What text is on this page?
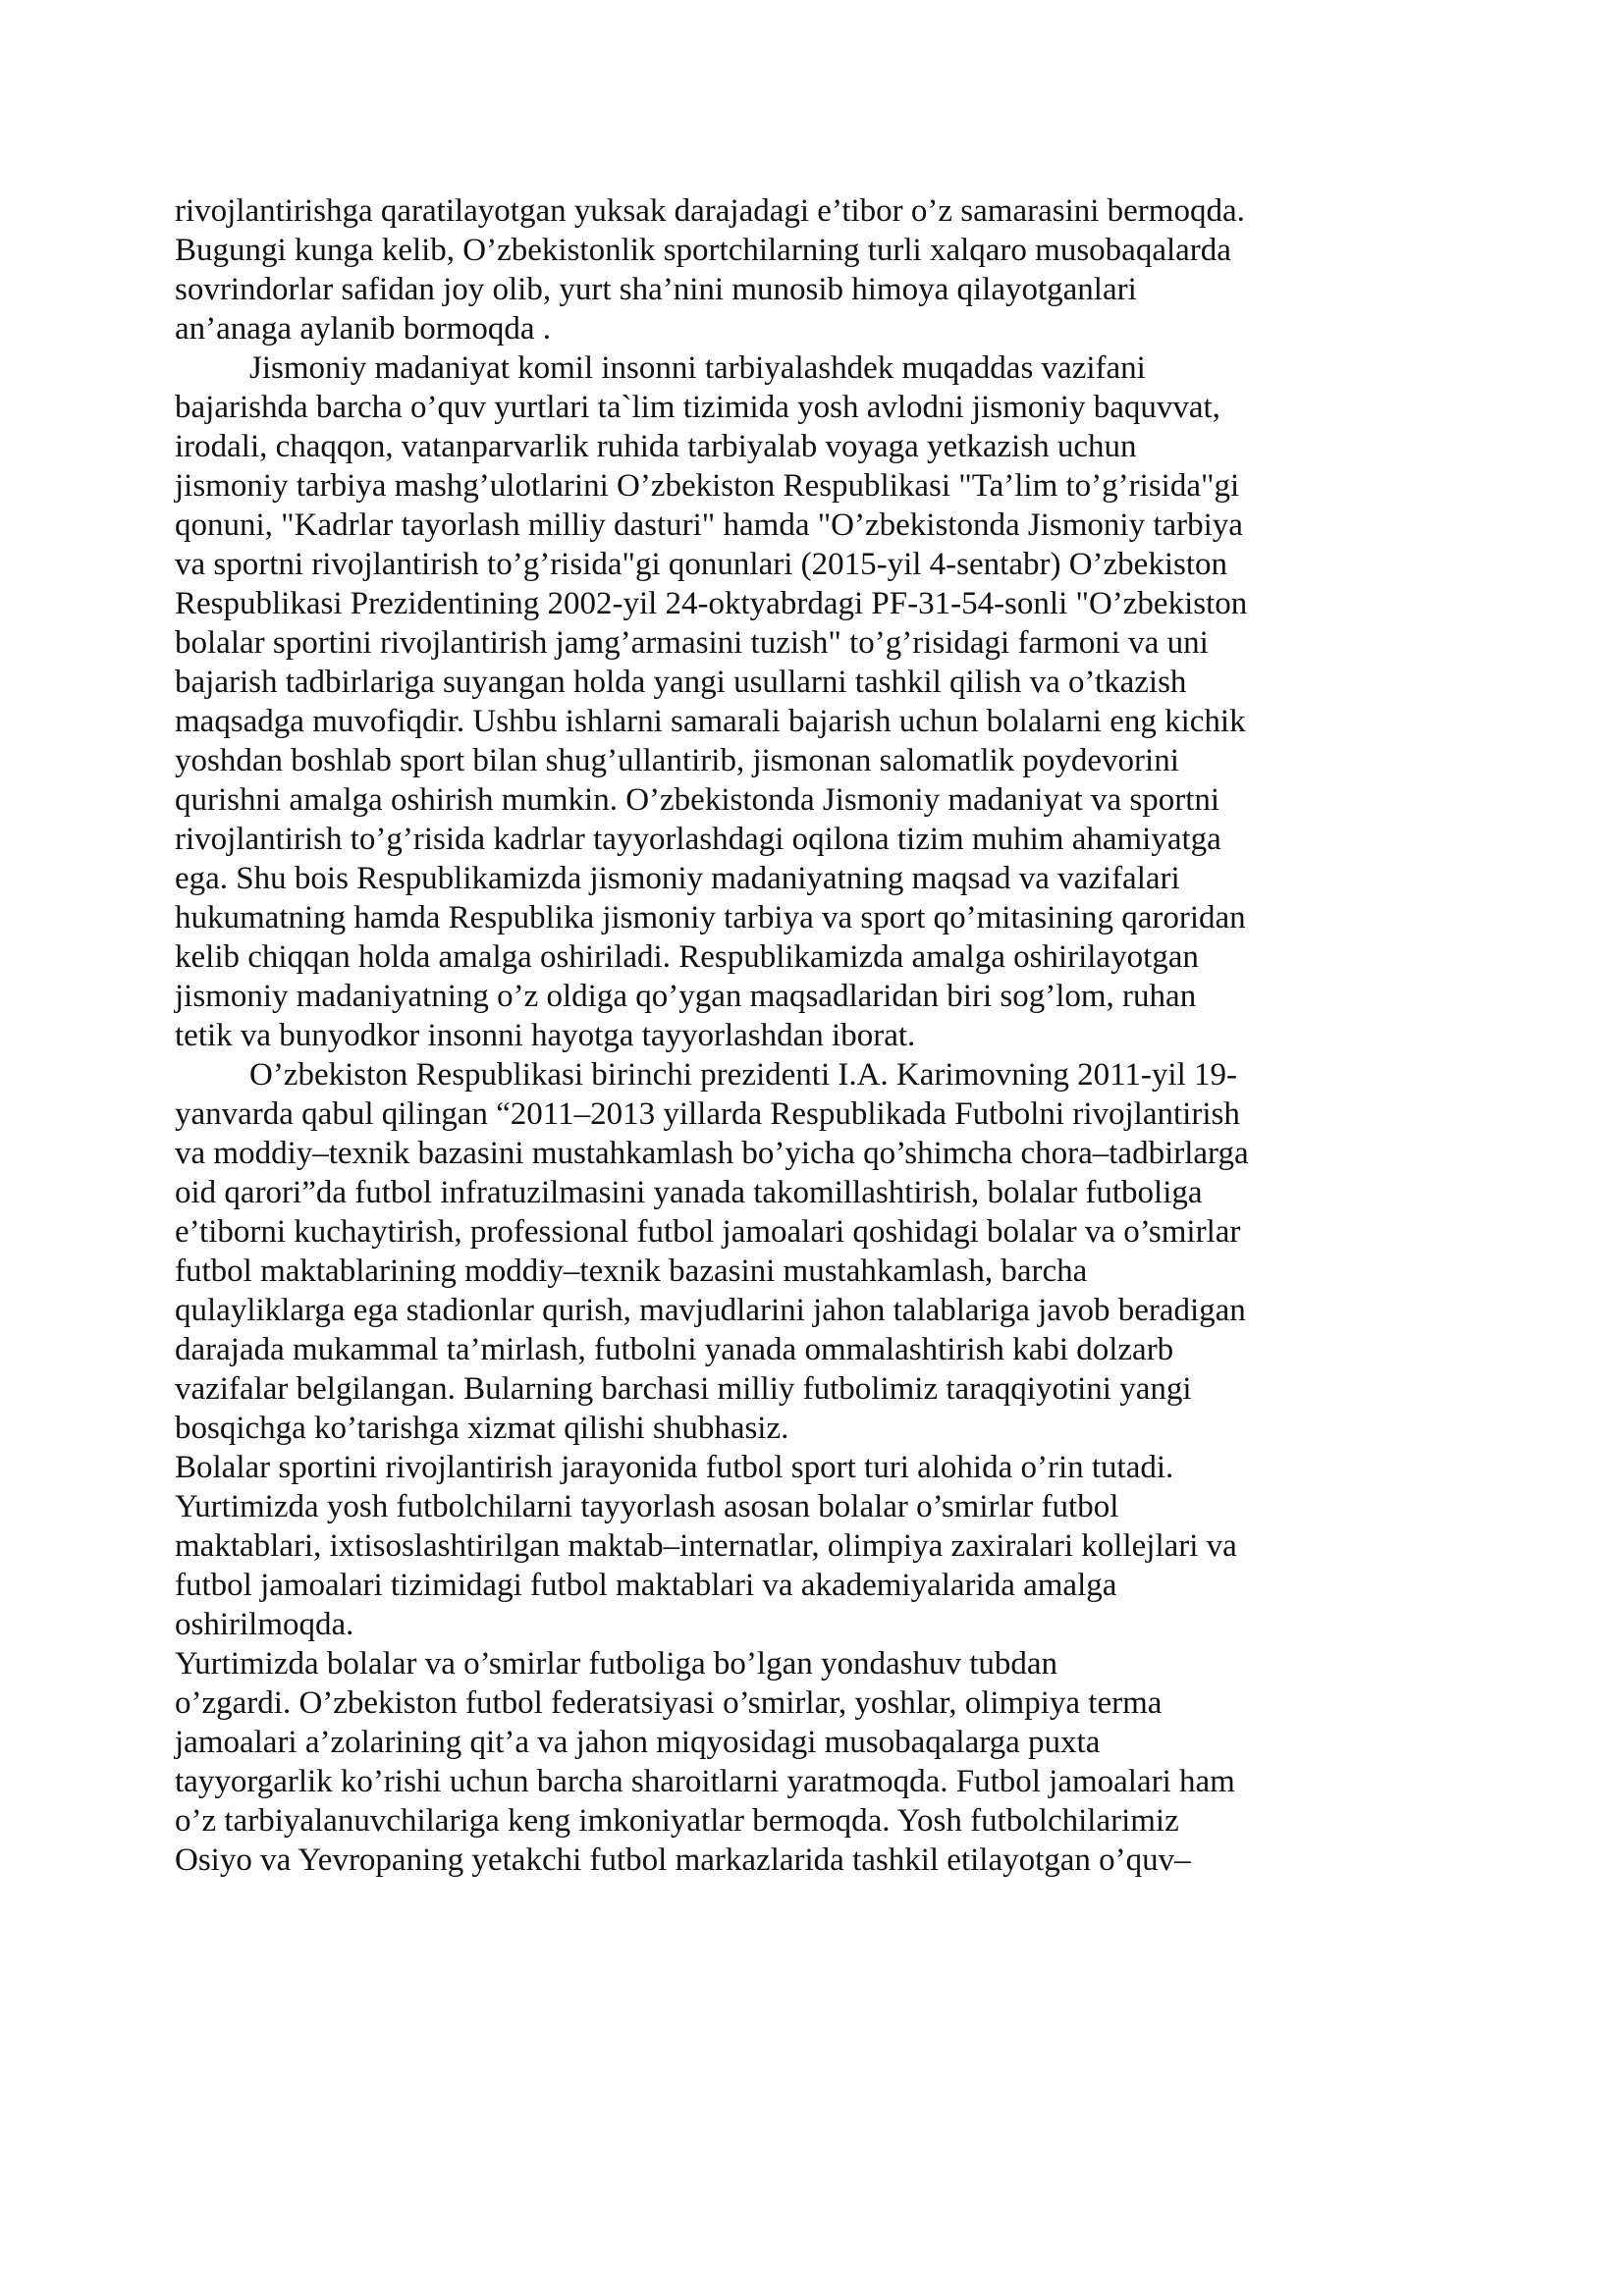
rivojlantirishga qaratilayotgan yuksak darajadagi e’tibor o’z samarasini bermoqda.
Bugungi kunga kelib, O’zbekistonlik sportchilarning turli xalqaro musobaqalarda
sovrindorlar safidan joy olib, yurt sha’nini munosib himoya qilayotganlari
an’anaga aylanib bormoqda .
Jismoniy madaniyat komil insonni tarbiyalashdek muqaddas vazifani
bajarishda barcha o’quv yurtlari ta`lim tizimida yosh avlodni jismoniy baquvvat,
irodali, chaqqon, vatanparvarlik ruhida tarbiyalab voyaga yetkazish uchun
jismoniy tarbiya mashg’ulotlarini O’zbekiston Respublikasi "Ta’lim to’g’risida"gi
qonuni, "Kadrlar tayorlash milliy dasturi" hamda "O’zbekistonda Jismoniy tarbiya
va sportni rivojlantirish to’g’risida"gi qonunlari (2015-yil 4-sentabr) O’zbekiston
Respublikasi Prezidentining 2002-yil 24-oktyabrdagi PF-31-54-sonli "O’zbekiston
bolalar sportini rivojlantirish jamg’armasini tuzish" to’g’risidagi farmoni va uni
bajarish tadbirlariga suyangan holda yangi usullarni tashkil qilish va o’tkazish
maqsadga muvofiqdir. Ushbu ishlarni samarali bajarish uchun bolalarni eng kichik
yoshdan boshlab sport bilan shug’ullantirib, jismonan salomatlik poydevorini
qurishni amalga oshirish mumkin. O’zbekistonda Jismoniy madaniyat va sportni
rivojlantirish to’g’risida kadrlar tayyorlashdagi oqilona tizim muhim ahamiyatga
ega. Shu bois Respublikamizda jismoniy madaniyatning maqsad va vazifalari
hukumatning hamda Respublika jismoniy tarbiya va sport qo’mitasining qaroridan
kelib chiqqan holda amalga oshiriladi. Respublikamizda amalga oshirilayotgan
jismoniy madaniyatning o’z oldiga qo’ygan maqsadlaridan biri sog’lom, ruhan
tetik va bunyodkor insonni hayotga tayyorlashdan iborat.
O’zbekiston Respublikasi birinchi prezidenti I.A. Karimovning 2011-yil 19-
yanvarda qabul qilingan “2011–2013 yillarda Respublikada Futbolni rivojlantirish
va moddiy–texnik bazasini mustahkamlash bo’yicha qo’shimcha chora–tadbirlarga
oid qarori”da futbol infratuzilmasini yanada takomillashtirish, bolalar futboliga
e’tiborni kuchaytirish, professional futbol jamoalari qoshidagi bolalar va o’smirlar
futbol maktablarining moddiy–texnik bazasini mustahkamlash, barcha
qulayliklarga ega stadionlar qurish, mavjudlarini jahon talablariga javob beradigan
darajada mukammal ta’mirlash, futbolni yanada ommalashtirish kabi dolzarb
vazifalar belgilangan. Bularning barchasi milliy futbolimiz taraqqiyotini yangi
bosqichga ko’tarishga xizmat qilishi shubhasiz.
Bolalar sportini rivojlantirish jarayonida futbol sport turi alohida o’rin tutadi.
Yurtimizda yosh futbolchilarni tayyorlash asosan bolalar o’smirlar futbol
maktablari, ixtisoslashtirilgan maktab–internatlar, olimpiya zaxiralari kollejlari va
futbol jamoalari tizimidagi futbol maktablari va akademiyalarida amalga
oshirilmoqda.
Yurtimizda bolalar va o’smirlar futboliga bo’lgan yondashuv tubdan
o’zgardi. O’zbekiston futbol federatsiyasi o’smirlar, yoshlar, olimpiya terma
jamoalari a’zolarining qit’a va jahon miqyosidagi musobaqalarga puxta
tayyorgarlik ko’rishi uchun barcha sharoitlarni yaratmoqda. Futbol jamoalari ham
o’z tarbiyalanuvchilariga keng imkoniyatlar bermoqda. Yosh futbolchilarimiz
Osiyo va Yevropaning yetakchi futbol markazlarida tashkil etilayotgan o’quv–
